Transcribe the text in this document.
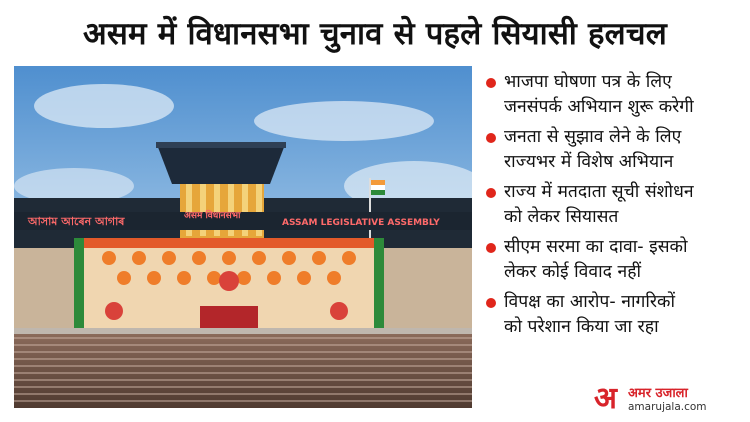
असम में विधानसभा चुनाव से पहले सियासी हलचल
আসাম আৰেন আগাৰ	असम विधानसभा
ASSAM LEGISLATIVE ASSEMBLY
भाजपा घोषणा पत्र के लिए
जनसंपर्क अभियान शुरू करेगी
जनता से सुझाव लेने के लिए
राज्यभर में विशेष अभियान
राज्य में मतदाता सूची संशोधन
को लेकर सियासत
सीएम सरमा का दावा- इसको
लेकर कोई विवाद नहीं
विपक्ष का आरोप- नागरिकों
को परेशान किया जा रहा
अ अमर उजाला
amarujala.com
